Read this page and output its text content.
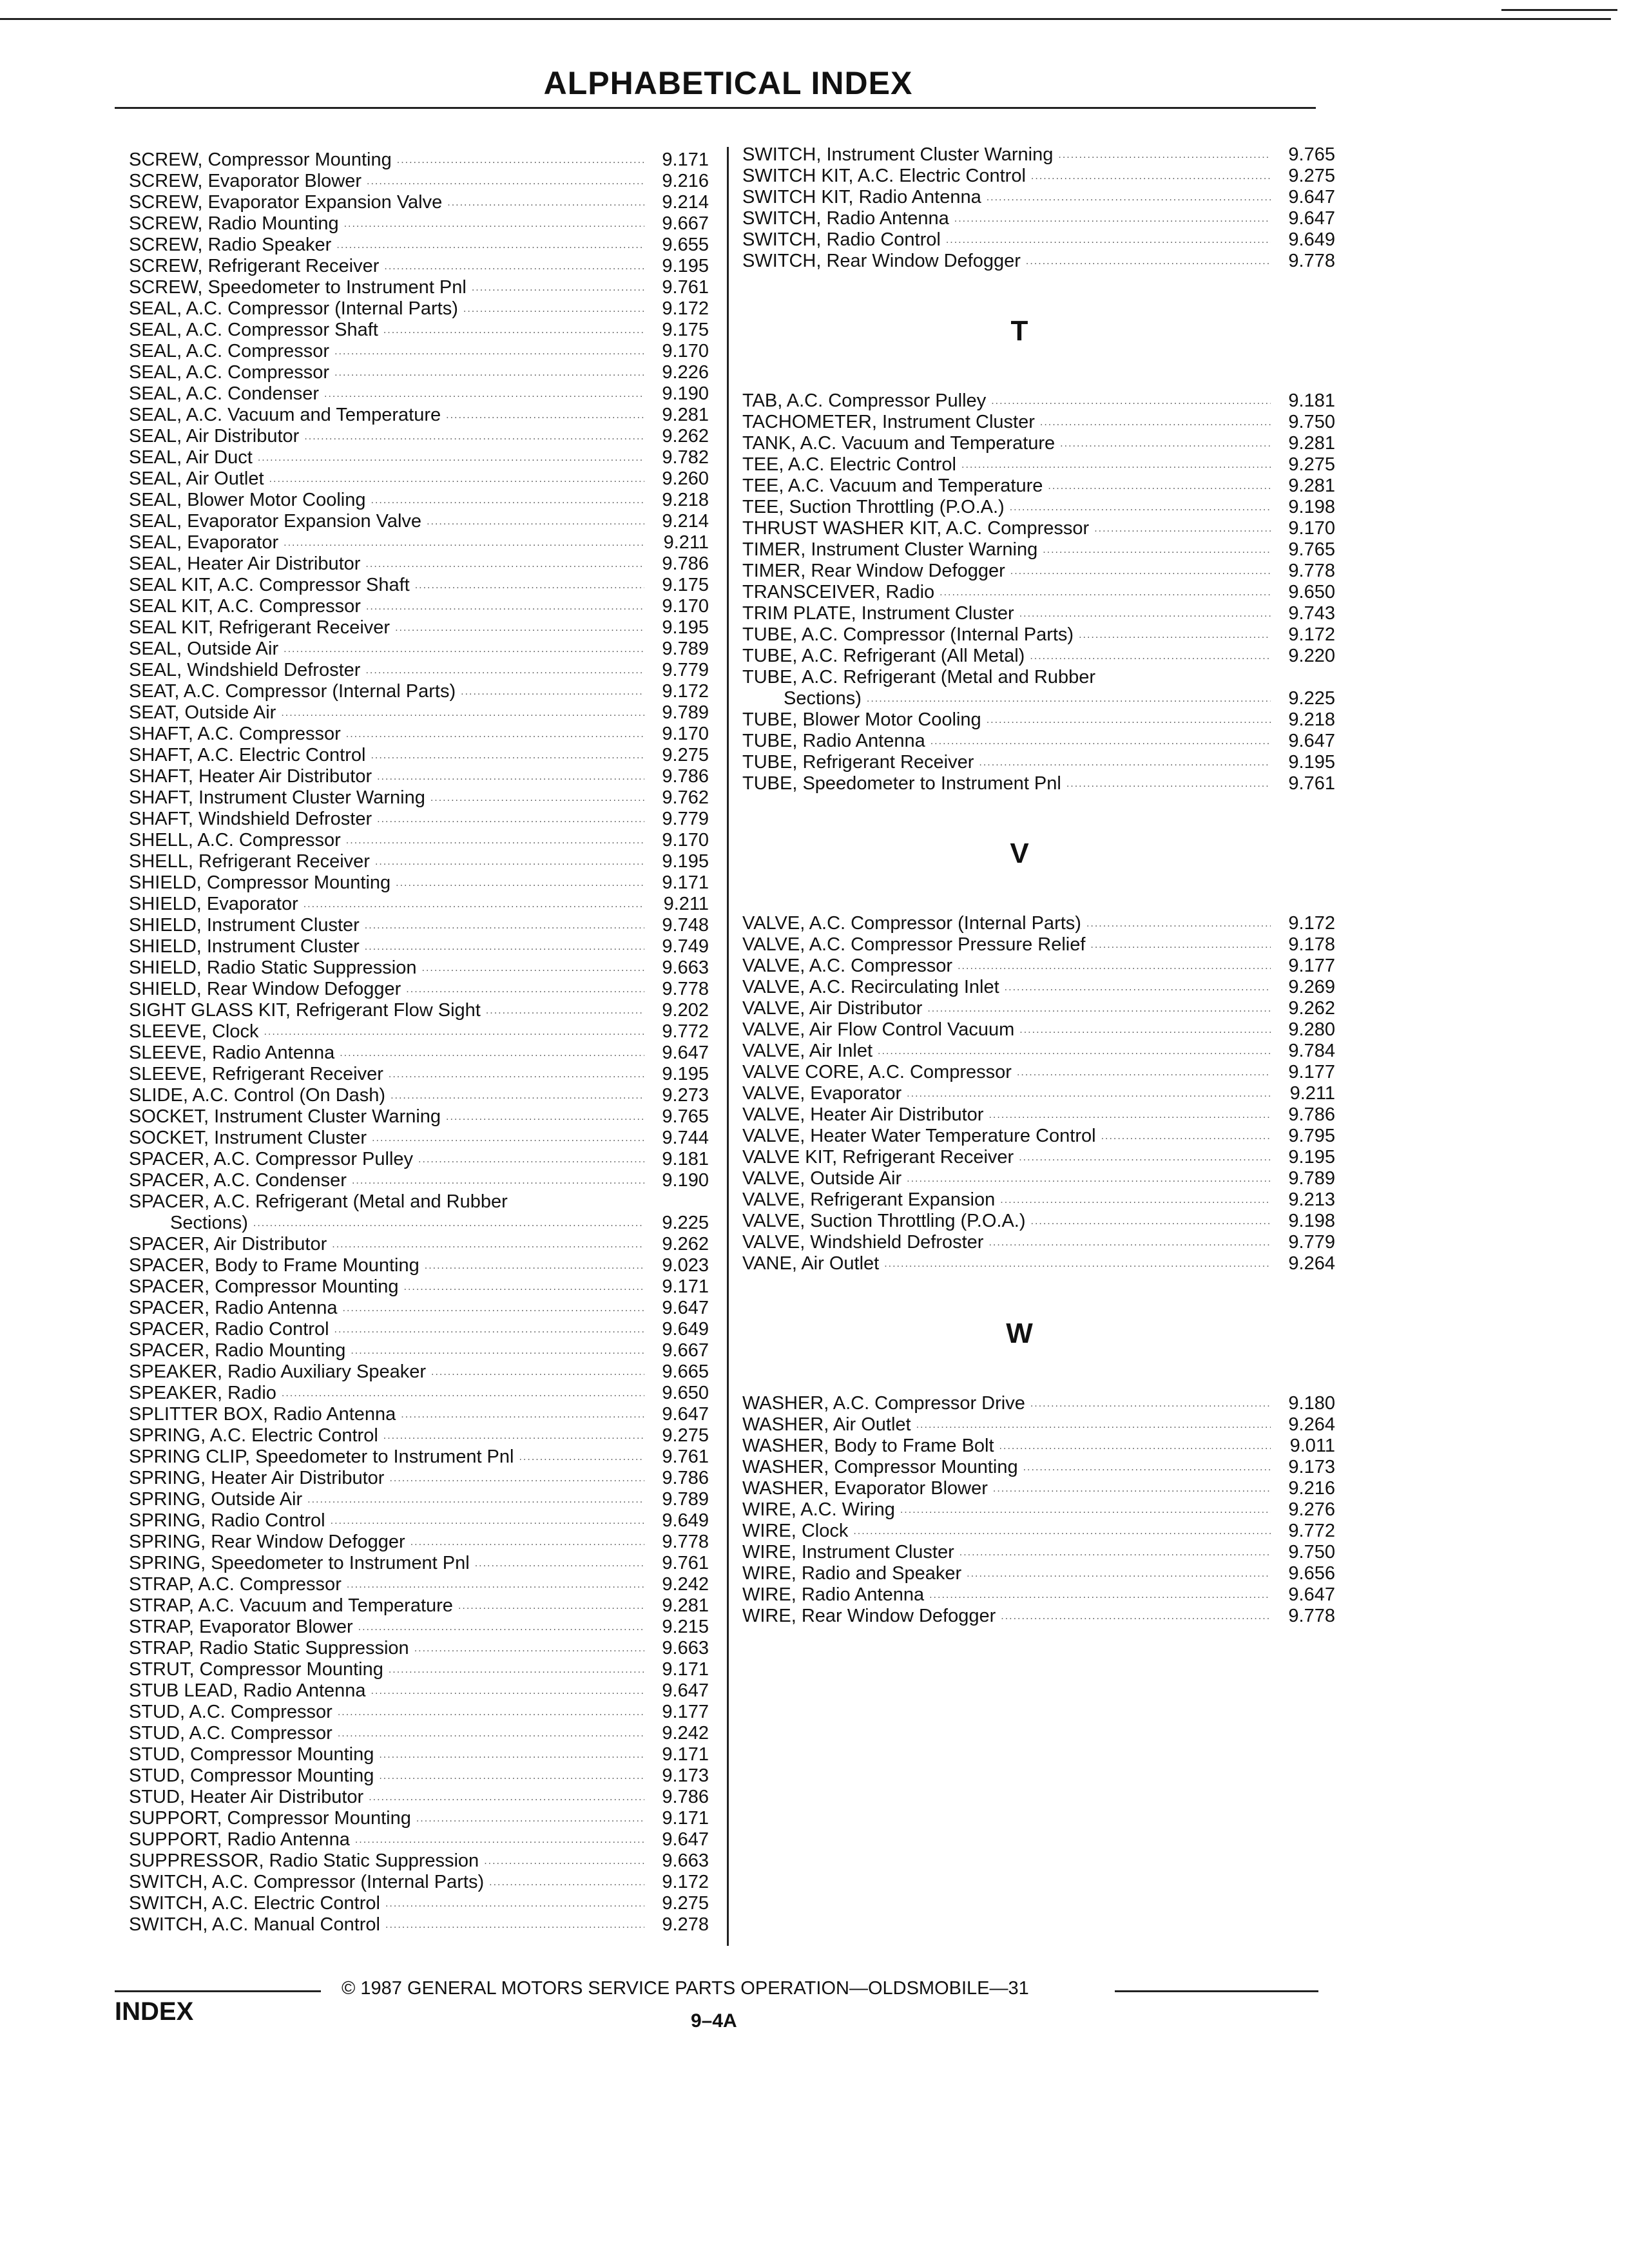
ALPHABETICAL INDEX
SCREW, Compressor Mounting .....	9.171
SCREW, Evaporator Blower .....	9.216
SCREW, Evaporator Expansion Valve .....	9.214
SCREW, Radio Mounting .....	9.667
SCREW, Radio Speaker .....	9.655
SCREW, Refrigerant Receiver .....	9.195
SCREW, Speedometer to Instrument Pnl .....	9.761
SEAL, A.C. Compressor (Internal Parts) .....	9.172
SEAL, A.C. Compressor Shaft .....	9.175
SEAL, A.C. Compressor .....	9.170
SEAL, A.C. Compressor .....	9.226
SEAL, A.C. Condenser .....	9.190
SEAL, A.C. Vacuum and Temperature .....	9.281
SEAL, Air Distributor .....	9.262
SEAL, Air Duct .....	9.782
SEAL, Air Outlet .....	9.260
SEAL, Blower Motor Cooling .....	9.218
SEAL, Evaporator Expansion Valve .....	9.214
SEAL, Evaporator .....	9.211
SEAL, Heater Air Distributor .....	9.786
SEAL KIT, A.C. Compressor Shaft .....	9.175
SEAL KIT, A.C. Compressor .....	9.170
SEAL KIT, Refrigerant Receiver .....	9.195
SEAL, Outside Air .....	9.789
SEAL, Windshield Defroster .....	9.779
SEAT, A.C. Compressor (Internal Parts) .....	9.172
SEAT, Outside Air .....	9.789
SHAFT, A.C. Compressor .....	9.170
SHAFT, A.C. Electric Control .....	9.275
SHAFT, Heater Air Distributor .....	9.786
SHAFT, Instrument Cluster Warning .....	9.762
SHAFT, Windshield Defroster .....	9.779
SHELL, A.C. Compressor .....	9.170
SHELL, Refrigerant Receiver .....	9.195
SHIELD, Compressor Mounting .....	9.171
SHIELD, Evaporator .....	9.211
SHIELD, Instrument Cluster .....	9.748
SHIELD, Instrument Cluster .....	9.749
SHIELD, Radio Static Suppression .....	9.663
SHIELD, Rear Window Defogger .....	9.778
SIGHT GLASS KIT, Refrigerant Flow Sight .....	9.202
SLEEVE, Clock .....	9.772
SLEEVE, Radio Antenna .....	9.647
SLEEVE, Refrigerant Receiver .....	9.195
SLIDE, A.C. Control (On Dash) .....	9.273
SOCKET, Instrument Cluster Warning .....	9.765
SOCKET, Instrument Cluster .....	9.744
SPACER, A.C. Compressor Pulley .....	9.181
SPACER, A.C. Condenser .....	9.190
SPACER, A.C. Refrigerant (Metal and Rubber
Sections) .....	9.225
SPACER, Air Distributor .....	9.262
SPACER, Body to Frame Mounting .....	9.023
SPACER, Compressor Mounting .....	9.171
SPACER, Radio Antenna .....	9.647
SPACER, Radio Control .....	9.649
SPACER, Radio Mounting .....	9.667
SPEAKER, Radio Auxiliary Speaker .....	9.665
SPEAKER, Radio .....	9.650
SPLITTER BOX, Radio Antenna .....	9.647
SPRING, A.C. Electric Control .....	9.275
SPRING CLIP, Speedometer to Instrument Pnl .....	9.761
SPRING, Heater Air Distributor .....	9.786
SPRING, Outside Air .....	9.789
SPRING, Radio Control .....	9.649
SPRING, Rear Window Defogger .....	9.778
SPRING, Speedometer to Instrument Pnl .....	9.761
STRAP, A.C. Compressor .....	9.242
STRAP, A.C. Vacuum and Temperature .....	9.281
STRAP, Evaporator Blower .....	9.215
STRAP, Radio Static Suppression .....	9.663
STRUT, Compressor Mounting .....	9.171
STUB LEAD, Radio Antenna .....	9.647
STUD, A.C. Compressor .....	9.177
STUD, A.C. Compressor .....	9.242
STUD, Compressor Mounting .....	9.171
STUD, Compressor Mounting .....	9.173
STUD, Heater Air Distributor .....	9.786
SUPPORT, Compressor Mounting .....	9.171
SUPPORT, Radio Antenna .....	9.647
SUPPRESSOR, Radio Static Suppression .....	9.663
SWITCH, A.C. Compressor (Internal Parts) .....	9.172
SWITCH, A.C. Electric Control .....	9.275
SWITCH, A.C. Manual Control .....	9.278
SWITCH, Instrument Cluster Warning .....	9.765
SWITCH KIT, A.C. Electric Control .....	9.275
SWITCH KIT, Radio Antenna .....	9.647
SWITCH, Radio Antenna .....	9.647
SWITCH, Radio Control .....	9.649
SWITCH, Rear Window Defogger .....	9.778
T
TAB, A.C. Compressor Pulley .....	9.181
TACHOMETER, Instrument Cluster .....	9.750
TANK, A.C. Vacuum and Temperature .....	9.281
TEE, A.C. Electric Control .....	9.275
TEE, A.C. Vacuum and Temperature .....	9.281
TEE, Suction Throttling (P.O.A.) .....	9.198
THRUST WASHER KIT, A.C. Compressor .....	9.170
TIMER, Instrument Cluster Warning .....	9.765
TIMER, Rear Window Defogger .....	9.778
TRANSCEIVER, Radio .....	9.650
TRIM PLATE, Instrument Cluster .....	9.743
TUBE, A.C. Compressor (Internal Parts) .....	9.172
TUBE, A.C. Refrigerant (All Metal) .....	9.220
TUBE, A.C. Refrigerant (Metal and Rubber
Sections) .....	9.225
TUBE, Blower Motor Cooling .....	9.218
TUBE, Radio Antenna .....	9.647
TUBE, Refrigerant Receiver .....	9.195
TUBE, Speedometer to Instrument Pnl .....	9.761
V
VALVE, A.C. Compressor (Internal Parts) .....	9.172
VALVE, A.C. Compressor Pressure Relief .....	9.178
VALVE, A.C. Compressor .....	9.177
VALVE, A.C. Recirculating Inlet .....	9.269
VALVE, Air Distributor .....	9.262
VALVE, Air Flow Control Vacuum .....	9.280
VALVE, Air Inlet .....	9.784
VALVE CORE, A.C. Compressor .....	9.177
VALVE, Evaporator .....	9.211
VALVE, Heater Air Distributor .....	9.786
VALVE, Heater Water Temperature Control .....	9.795
VALVE KIT, Refrigerant Receiver .....	9.195
VALVE, Outside Air .....	9.789
VALVE, Refrigerant Expansion .....	9.213
VALVE, Suction Throttling (P.O.A.) .....	9.198
VALVE, Windshield Defroster .....	9.779
VANE, Air Outlet .....	9.264
W
WASHER, A.C. Compressor Drive .....	9.180
WASHER, Air Outlet .....	9.264
WASHER, Body to Frame Bolt .....	9.011
WASHER, Compressor Mounting .....	9.173
WASHER, Evaporator Blower .....	9.216
WIRE, A.C. Wiring .....	9.276
WIRE, Clock .....	9.772
WIRE, Instrument Cluster .....	9.750
WIRE, Radio and Speaker .....	9.656
WIRE, Radio Antenna .....	9.647
WIRE, Rear Window Defogger .....	9.778
© 1987 GENERAL MOTORS SERVICE PARTS OPERATION—OLDSMOBILE—31
INDEX	9–4A
